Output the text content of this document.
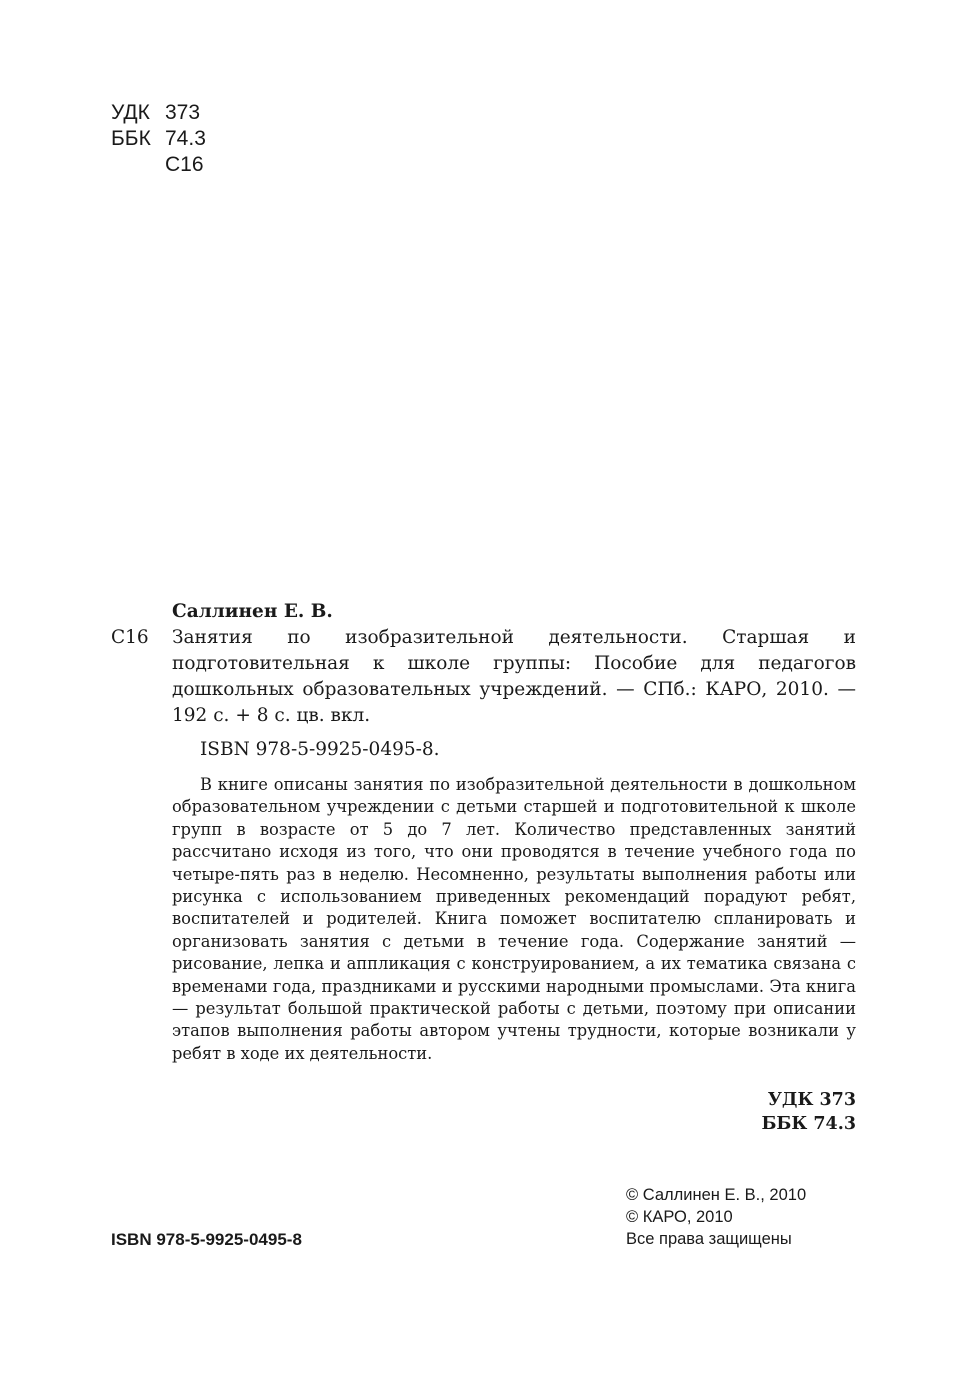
УДК 373
ББК 74.3
С16

Саллинен Е. В.

С16 Занятия по изобразительной деятельности. Старшая и подготовительная к школе группы: Пособие для педагогов дошкольных образовательных учреждений. — СПб.: КАРО, 2010. — 192 с. + 8 с. цв. вкл.

ISBN 978-5-9925-0495-8.

В книге описаны занятия по изобразительной деятельности в дошкольном образовательном учреждении с детьми старшей и подготовительной к школе групп в возрасте от 5 до 7 лет. Количество представленных занятий рассчитано исходя из того, что они проводятся в течение учебного года по четыре-пять раз в неделю. Несомненно, результаты выполнения работы или рисунка с использованием приведенных рекомендаций порадуют ребят, воспитателей и родителей. Книга поможет воспитателю спланировать и организовать занятия с детьми в течение года. Содержание занятий — рисование, лепка и аппликация с конструированием, а их тематика связана с временами года, праздниками и русскими народными промыслами. Эта книга — результат большой практической работы с детьми, поэтому при описании этапов выполнения работы автором учтены трудности, которые возникали у ребят в ходе их деятельности.

УДК 373
ББК 74.3
© Саллинен Е. В., 2010
© КАРО, 2010
Все права защищены

ISBN 978-5-9925-0495-8
